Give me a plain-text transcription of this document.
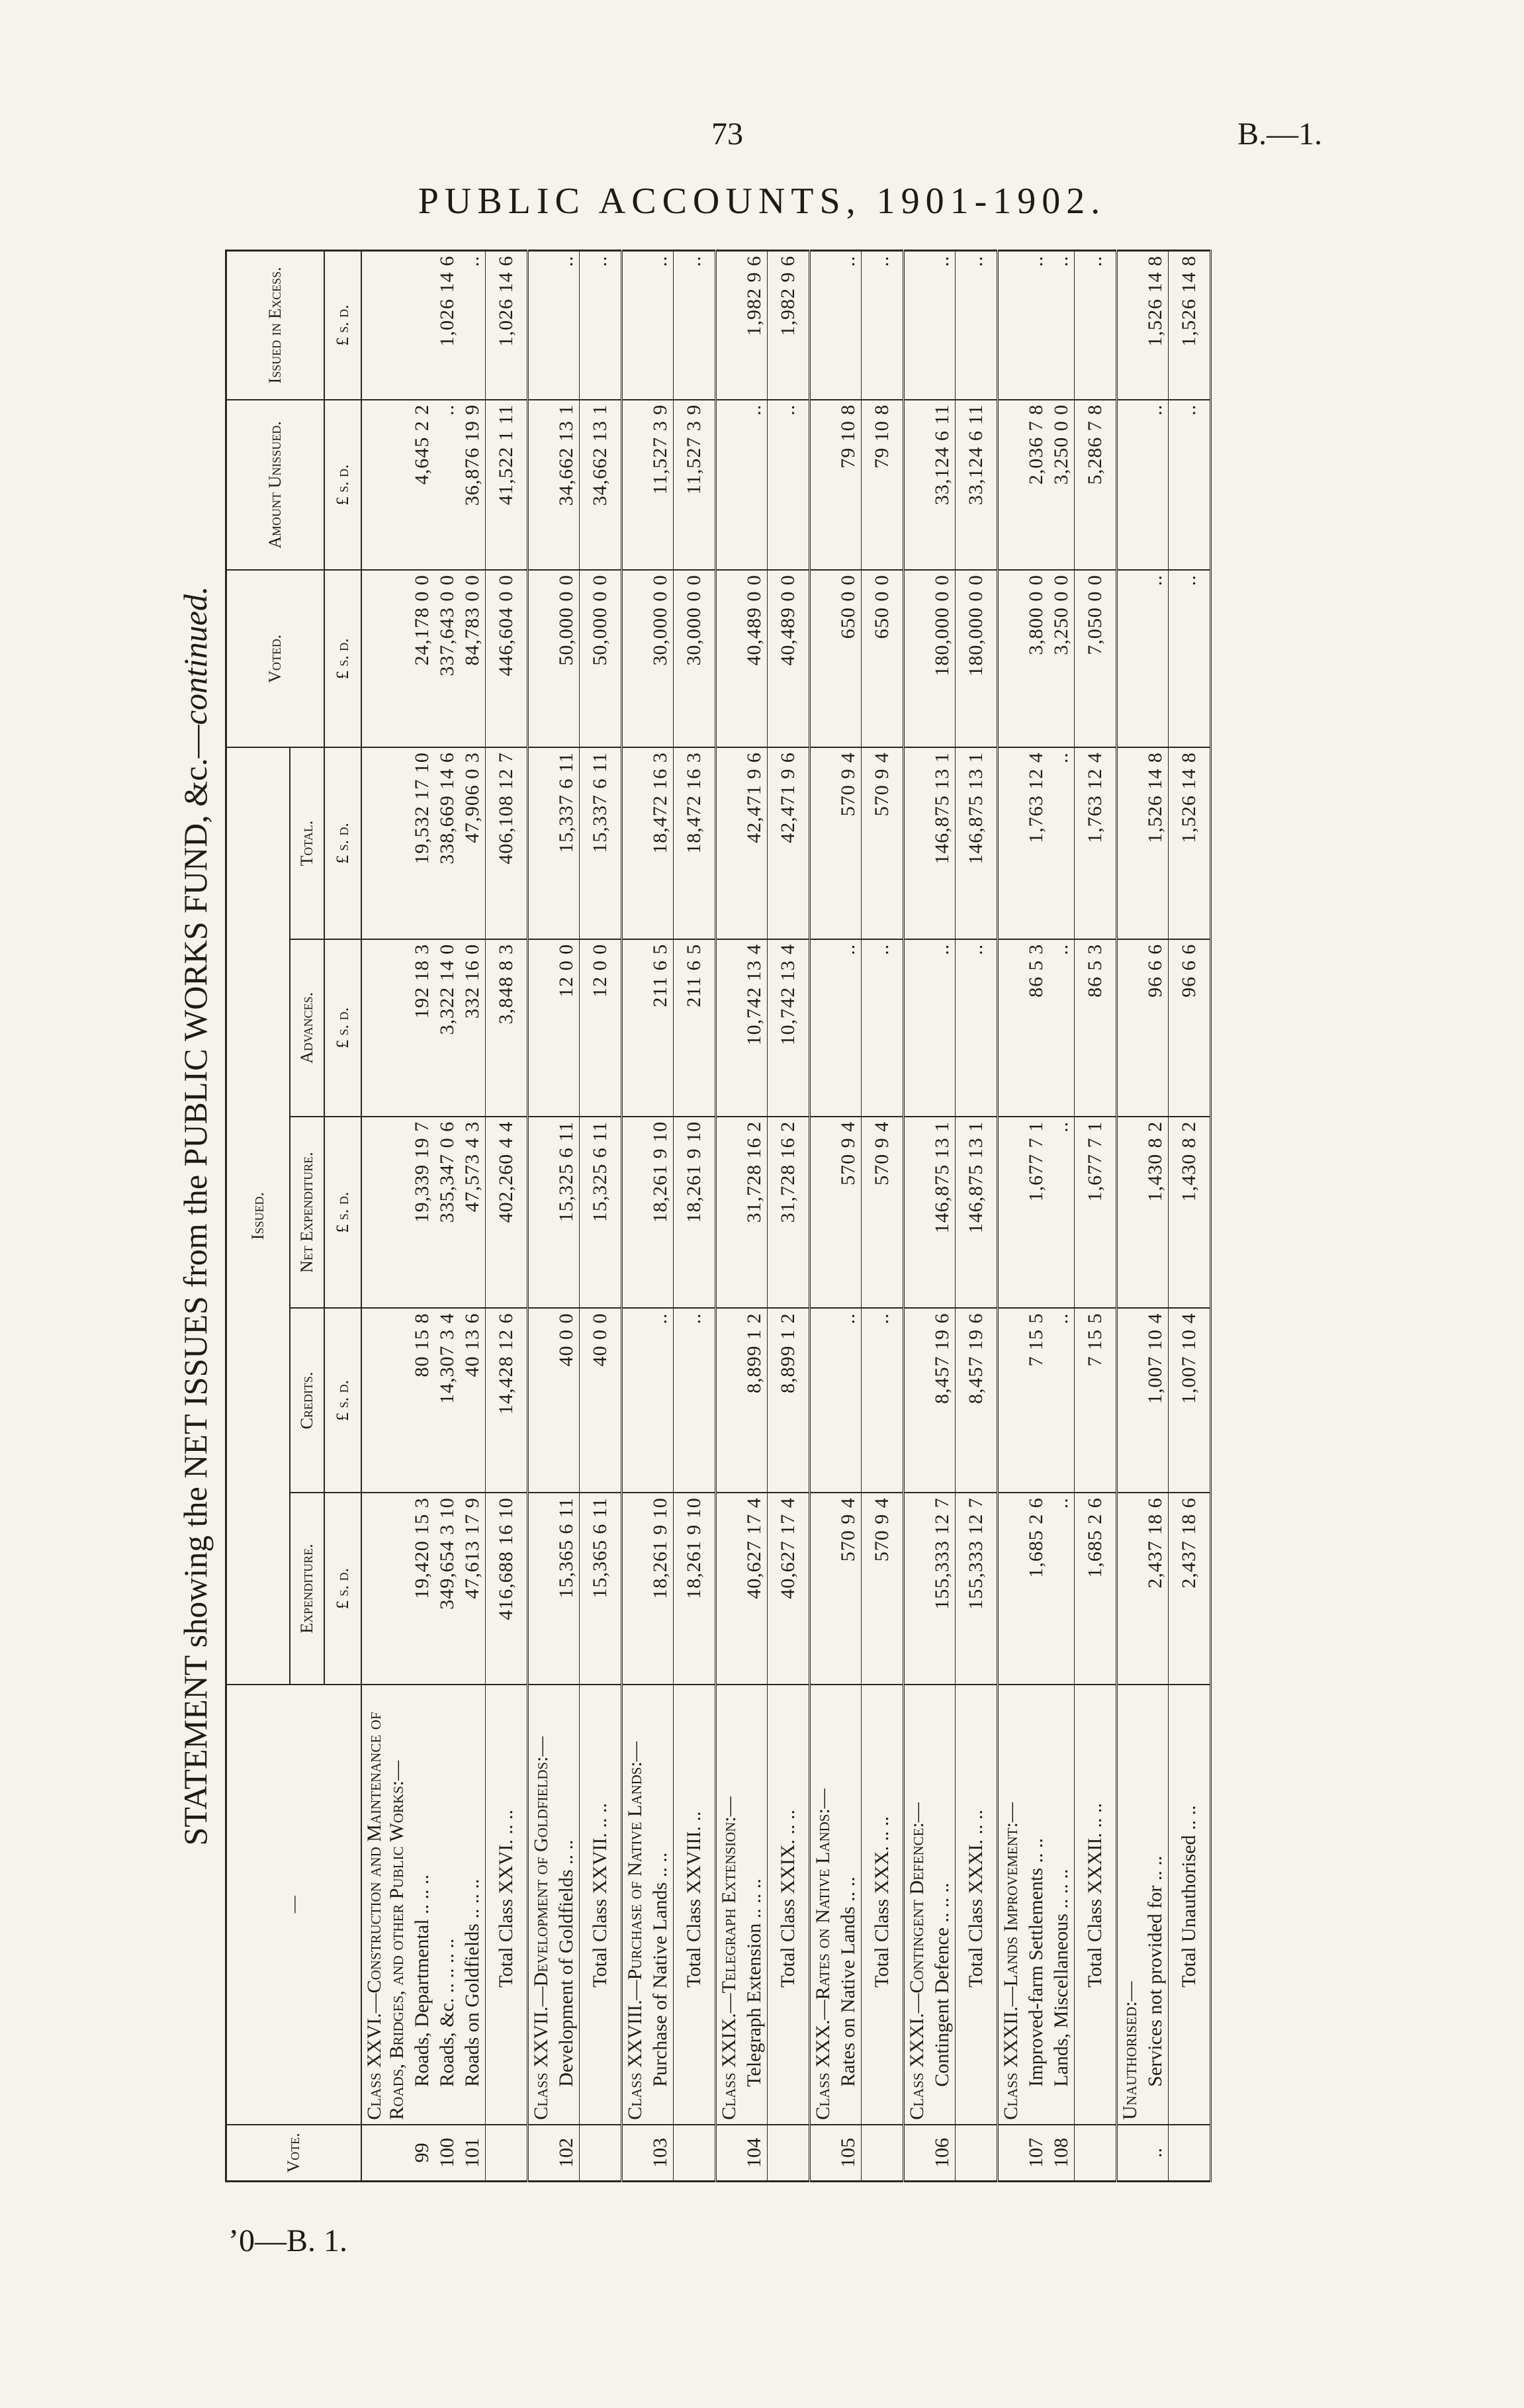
73	B.—1.
PUBLIC ACCOUNTS, 1901-1902.
STATEMENT showing the NET ISSUES from the PUBLIC WORKS FUND, &c.—continued.
Vote.	—	Issued.					Voted.	Amount Unissued.	Issued in Excess.
		Expenditure.	Credits.	Net Expenditure.	Advances.	Total.			
		£ s. d.	£ s. d.	£ s. d.	£ s. d.	£ s. d.	£ s. d.	£ s. d.	£ s. d.
	Class XXVI.—Construction and Maintenance of Roads, Bridges, and other Public Works:—								
99	Roads, Departmental .. .. ..	19,420 15 3	80 15 8	19,339 19 7	192 18 3	19,532 17 10	24,178 0 0	4,645 2 2	
100	Roads, &c. .. .. .. ..	349,654 3 10	14,307 3 4	335,347 0 6	3,322 14 0	338,669 14 6	337,643 0 0	..	1,026 14 6
101	Roads on Goldfields .. .. ..	47,613 17 9	40 13 6	47,573 4 3	332 16 0	47,906 0 3	84,783 0 0	36,876 19 9	..

	Total Class XXVI. .. ..	416,688 16 10	14,428 12 6	402,260 4 4	3,848 8 3	406,108 12 7	446,604 0 0	41,522 1 11	1,026 14 6
	Class XXVII.—Development of Goldfields:—								
102	Development of Goldfields .. ..	15,365 6 11	40 0 0	15,325 6 11	12 0 0	15,337 6 11	50,000 0 0	34,662 13 1	..

	Total Class XXVII. .. ..	15,365 6 11	40 0 0	15,325 6 11	12 0 0	15,337 6 11	50,000 0 0	34,662 13 1	..
	Class XXVIII.—Purchase of Native Lands:—								
103	Purchase of Native Lands .. ..	18,261 9 10	..	18,261 9 10	211 6 5	18,472 16 3	30,000 0 0	11,527 3 9	..

	Total Class XXVIII. ..	18,261 9 10	..	18,261 9 10	211 6 5	18,472 16 3	30,000 0 0	11,527 3 9	..
	Class XXIX.—Telegraph Extension:—								
104	Telegraph Extension .. .. ..	40,627 17 4	8,899 1 2	31,728 16 2	10,742 13 4	42,471 9 6	40,489 0 0	..	1,982 9 6

	Total Class XXIX. .. ..	40,627 17 4	8,899 1 2	31,728 16 2	10,742 13 4	42,471 9 6	40,489 0 0	..	1,982 9 6
	Class XXX.—Rates on Native Lands:—								
105	Rates on Native Lands .. ..	570 9 4	..	570 9 4	..	570 9 4	650 0 0	79 10 8	..

	Total Class XXX. .. ..	570 9 4	..	570 9 4	..	570 9 4	650 0 0	79 10 8	..
	Class XXXI.—Contingent Defence:—								
106	Contingent Defence .. .. ..	155,333 12 7	8,457 19 6	146,875 13 1	..	146,875 13 1	180,000 0 0	33,124 6 11	..

	Total Class XXXI. .. ..	155,333 12 7	8,457 19 6	146,875 13 1	..	146,875 13 1	180,000 0 0	33,124 6 11	..
	Class XXXII.—Lands Improvement:—								
107	Improved-farm Settlements .. ..	1,685 2 6	7 15 5	1,677 7 1	86 5 3	1,763 12 4	3,800 0 0	2,036 7 8	..
108	Lands, Miscellaneous .. .. ..	..	..	..	..	..	3,250 0 0	3,250 0 0	..

	Total Class XXXII. .. ..	1,685 2 6	7 15 5	1,677 7 1	86 5 3	1,763 12 4	7,050 0 0	5,286 7 8	..
	Unauthorised:—								
..	Services not provided for .. ..	2,437 18 6	1,007 10 4	1,430 8 2	96 6 6	1,526 14 8	..	..	1,526 14 8

	Total Unauthorised .. ..	2,437 18 6	1,007 10 4	1,430 8 2	96 6 6	1,526 14 8	..	..	1,526 14 8
ʼ0—B. 1.
